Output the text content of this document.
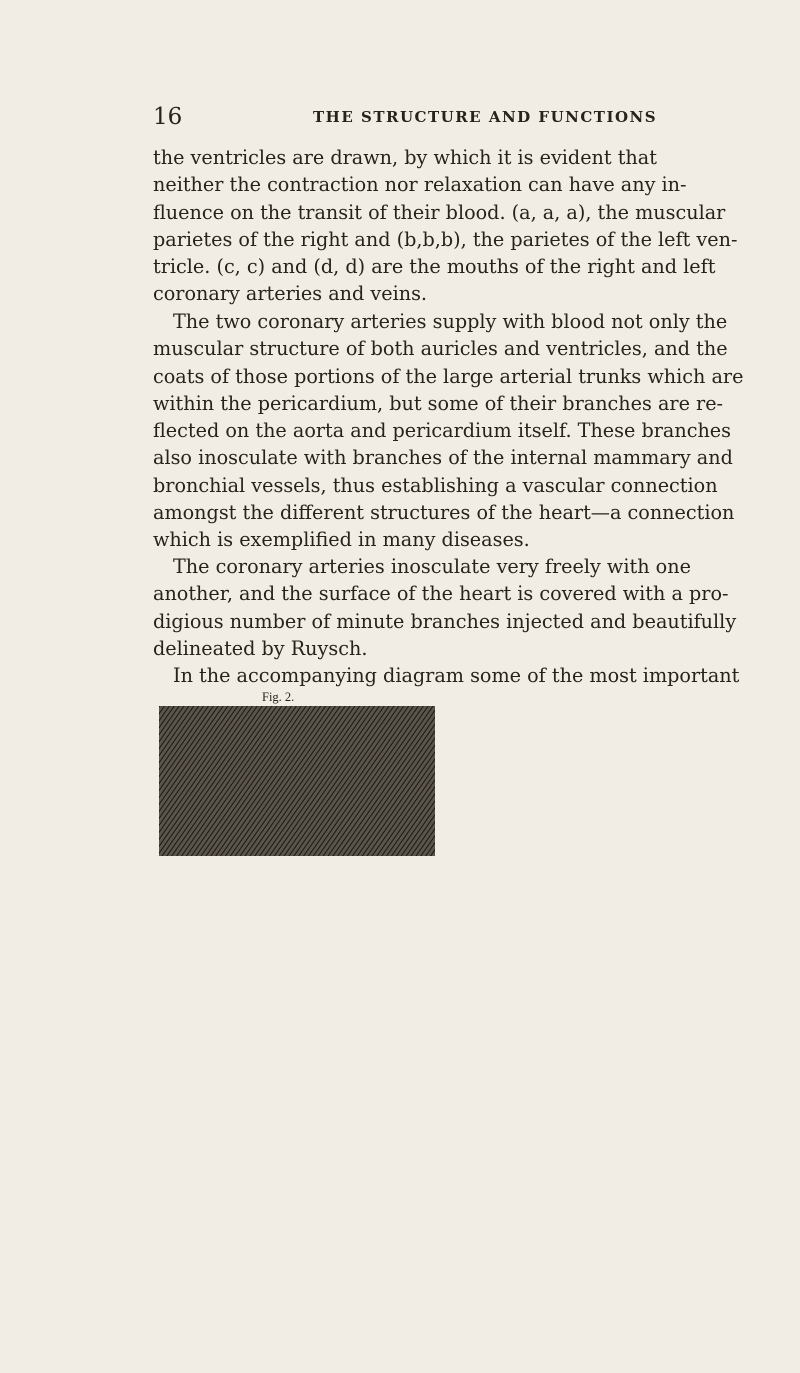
16	THE STRUCTURE AND FUNCTIONS
the ventricles are drawn, by which it is evident that
neither the contraction nor relaxation can have any in-
fluence on the transit of their blood. (a, a, a), the muscular
parietes of the right and (b,b,b), the parietes of the left ven-
tricle. (c, c) and (d, d) are the mouths of the right and left
coronary arteries and veins.
The two coronary arteries supply with blood not only the
muscular structure of both auricles and ventricles, and the
coats of those portions of the large arterial trunks which are
within the pericardium, but some of their branches are re-
flected on the aorta and pericardium itself. These branches
also inosculate with branches of the internal mammary and
bronchial vessels, thus establishing a vascular connection
amongst the different structures of the heart—a connection
which is exemplified in many diseases.
The coronary arteries inosculate very freely with one
another, and the surface of the heart is covered with a pro-
digious number of minute branches injected and beautifully
delineated by Ruysch.
In the accompanying diagram some of the most important
Fig. 2.
